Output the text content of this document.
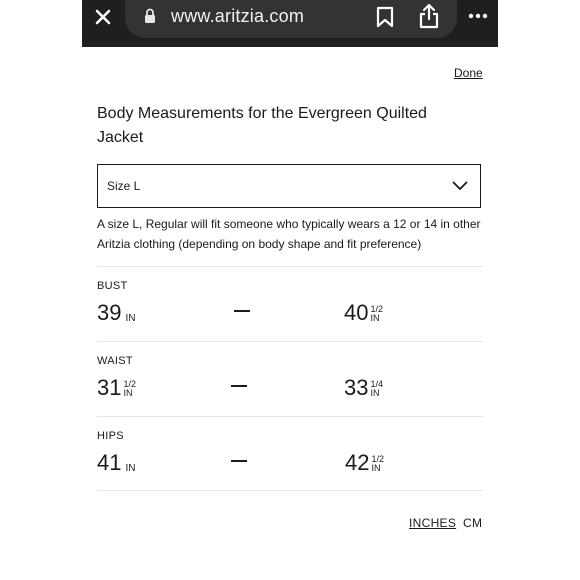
www.aritzia.com
Done
Body Measurements for the Evergreen Quilted Jacket
Size L
A size L, Regular will fit someone who typically wears a 12 or 14 in other Aritzia clothing (depending on body shape and fit preference)
BUST
39 IN	40 1/2
IN
WAIST
31 1/2
IN	33 1/4
IN
HIPS
41 IN	42 1/2
IN
INCHES CM
